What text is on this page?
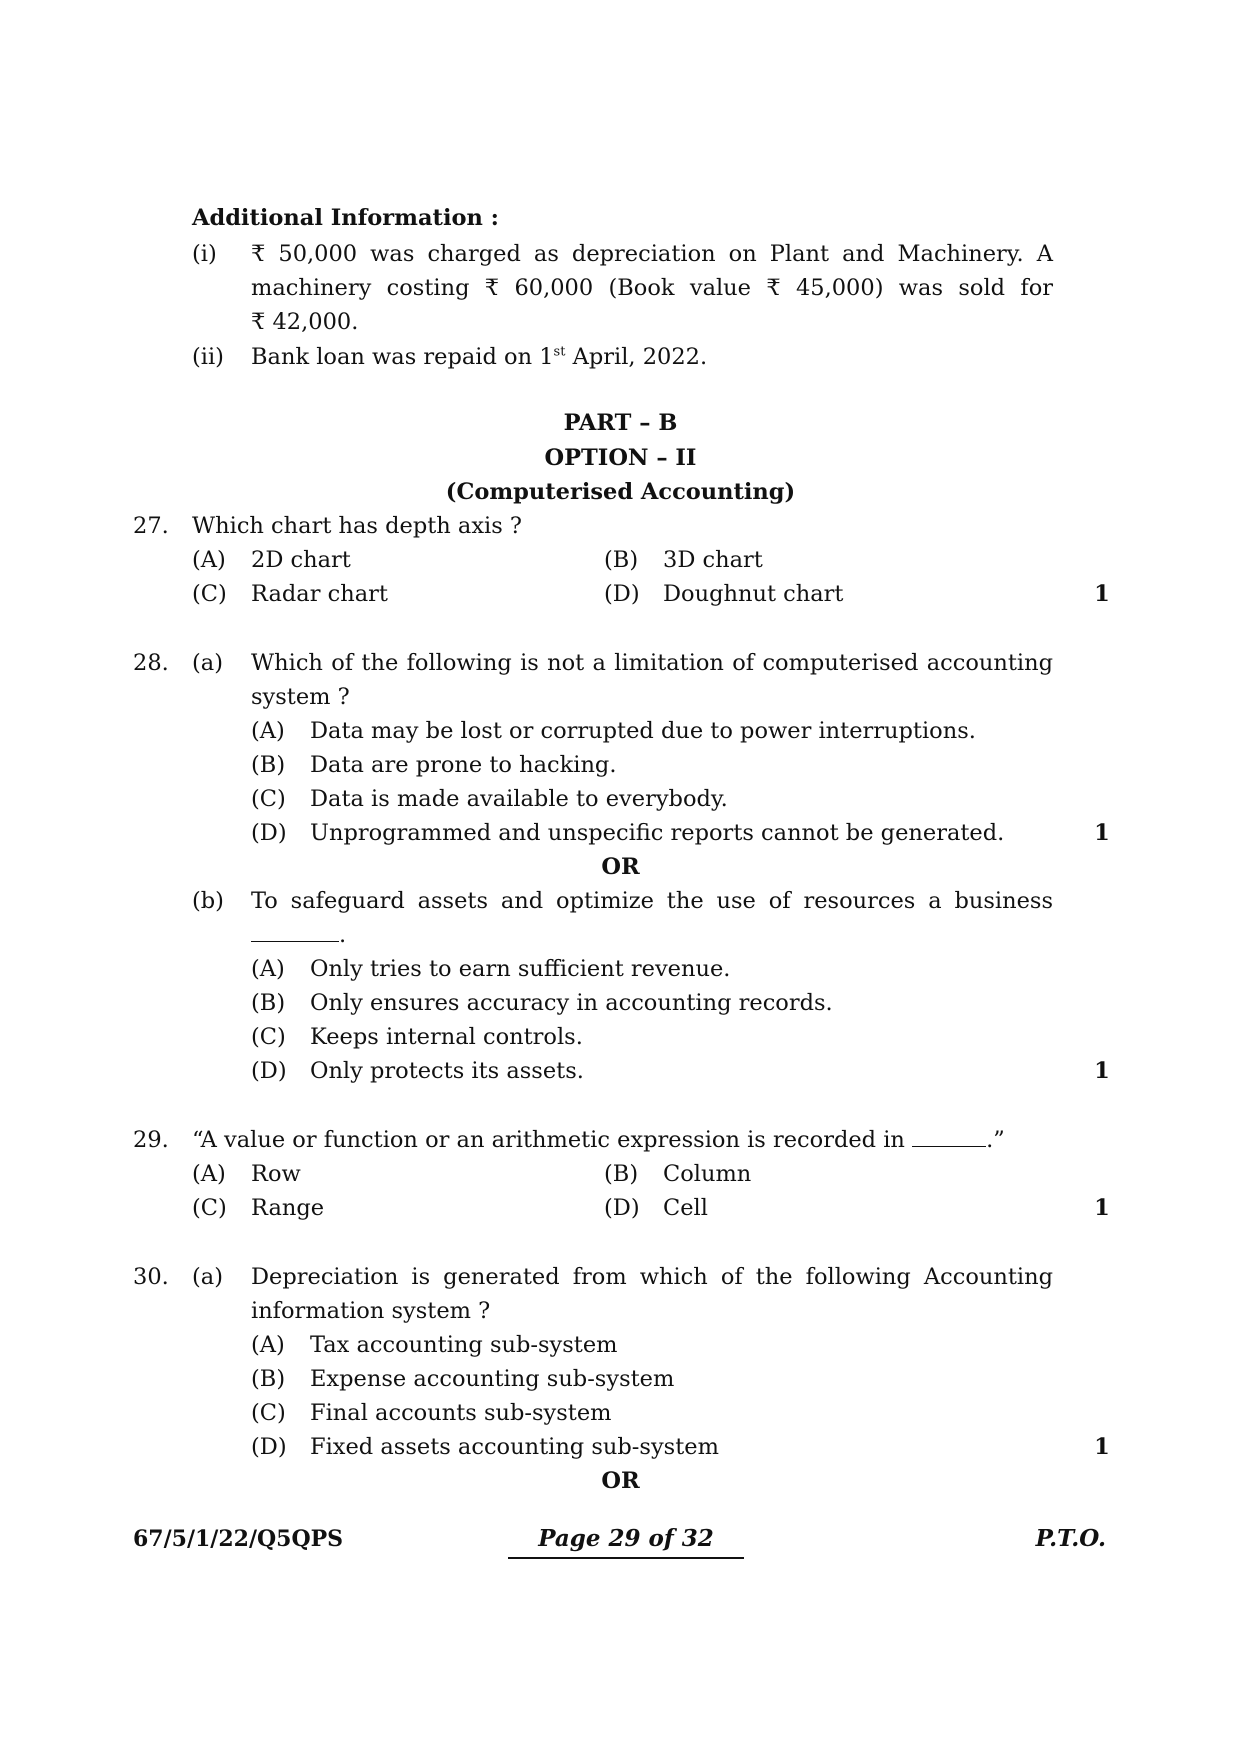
Additional Information :
(i) ₹ 50,000 was charged as depreciation on Plant and Machinery. A
machinery costing ₹ 60,000 (Book value ₹ 45,000) was sold for
₹ 42,000.
(ii) Bank loan was repaid on 1st April, 2022.
PART – B
OPTION – II
(Computerised Accounting)
27. Which chart has depth axis ?
(A) 2D chart	(B) 3D chart
(C) Radar chart	(D) Doughnut chart	1
28. (a) Which of the following is not a limitation of computerised accounting
system ?
(A) Data may be lost or corrupted due to power interruptions.
(B) Data are prone to hacking.
(C) Data is made available to everybody.
(D) Unprogrammed and unspecific reports cannot be generated.	1
OR
(b) To safeguard assets and optimize the use of resources a business
.
(A) Only tries to earn sufficient revenue.
(B) Only ensures accuracy in accounting records.
(C) Keeps internal controls.
(D) Only protects its assets.	1
29. “A value or function or an arithmetic expression is recorded in	.”
(A) Row	(B) Column
(C) Range	(D) Cell	1
30. (a) Depreciation is generated from which of the following Accounting
information system ?
(A) Tax accounting sub-system
(B) Expense accounting sub-system
(C) Final accounts sub-system
(D) Fixed assets accounting sub-system	1
OR
67/5/1/22/Q5QPS	Page 29 of 32	P.T.O.
